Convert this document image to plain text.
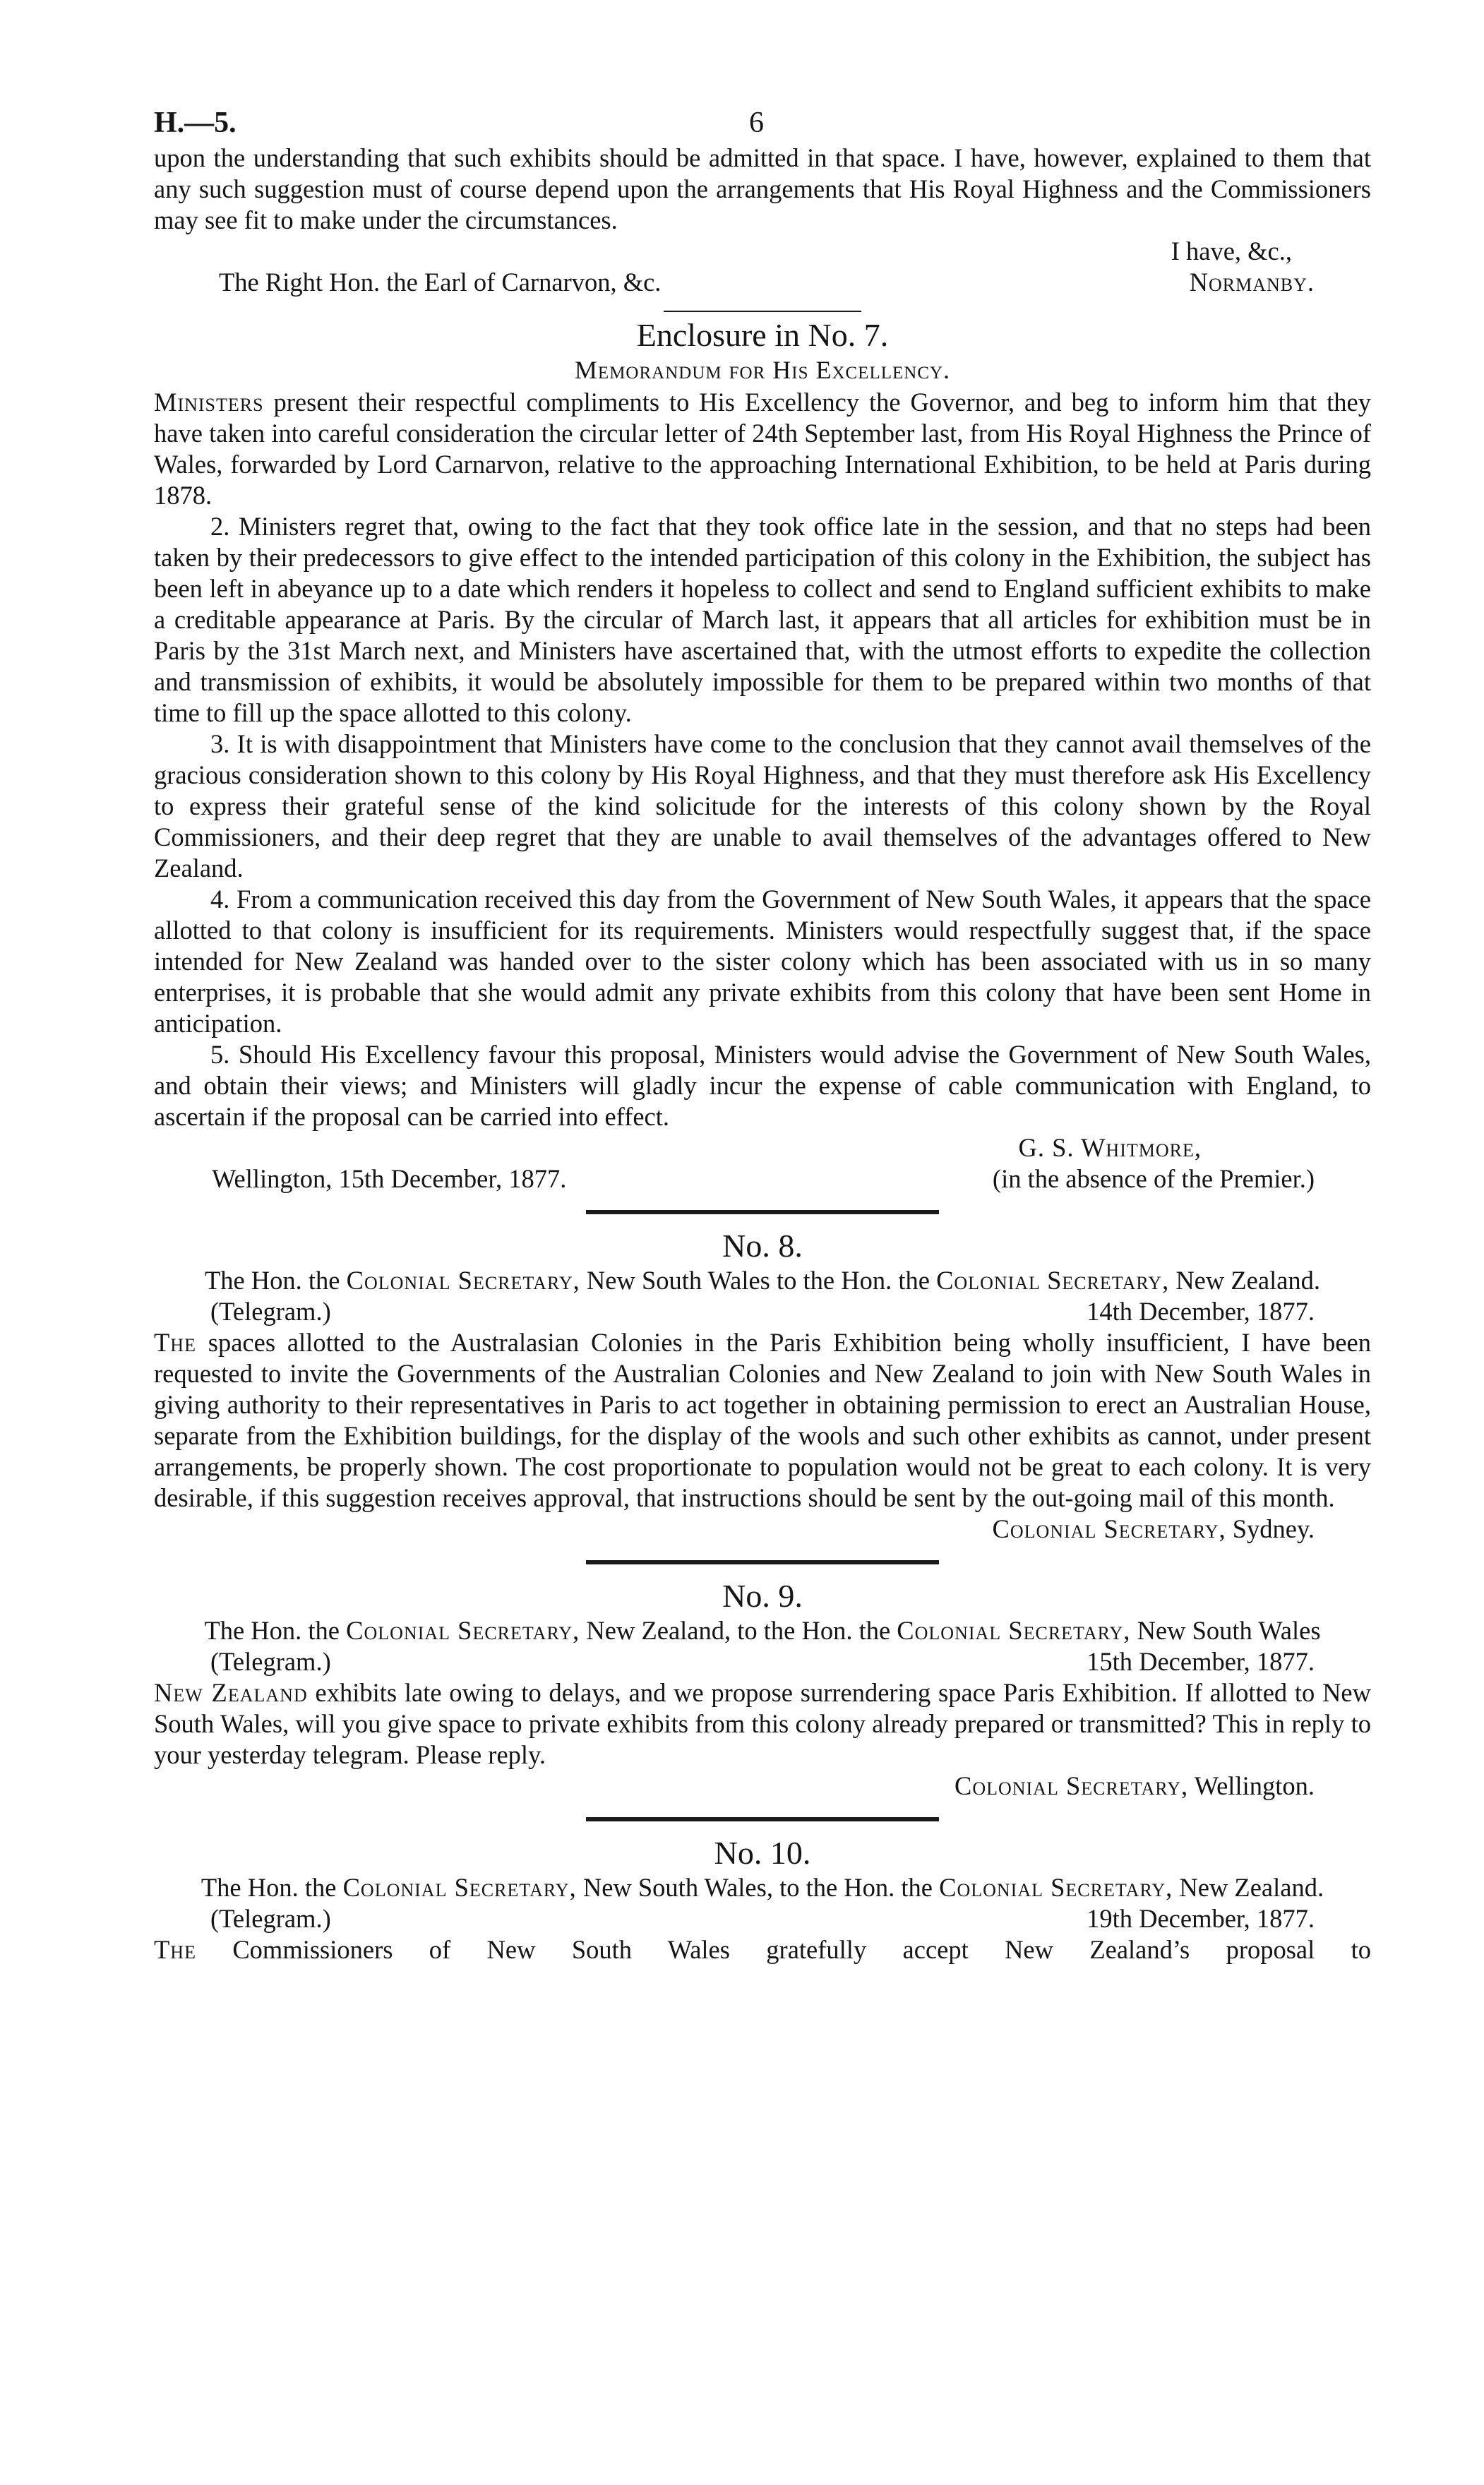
H.—5.	6

upon the understanding that such exhibits should be admitted in that space. I have, however, explained to them that any such suggestion must of course depend upon the arrangements that His Royal Highness and the Commissioners may see fit to make under the circumstances.

I have, &c.,

The Right Hon. the Earl of Carnarvon, &c.	Normanby.
Enclosure in No. 7.
Memorandum for His Excellency.

Ministers present their respectful compliments to His Excellency the Governor, and beg to inform him that they have taken into careful consideration the circular letter of 24th September last, from His Royal Highness the Prince of Wales, forwarded by Lord Carnarvon, relative to the approaching International Exhibition, to be held at Paris during 1878.

2. Ministers regret that, owing to the fact that they took office late in the session, and that no steps had been taken by their predecessors to give effect to the intended participation of this colony in the Exhibition, the subject has been left in abeyance up to a date which renders it hopeless to collect and send to England sufficient exhibits to make a creditable appearance at Paris. By the circular of March last, it appears that all articles for exhibition must be in Paris by the 31st March next, and Ministers have ascertained that, with the utmost efforts to expedite the collection and transmission of exhibits, it would be absolutely impossible for them to be prepared within two months of that time to fill up the space allotted to this colony.

3. It is with disappointment that Ministers have come to the conclusion that they cannot avail themselves of the gracious consideration shown to this colony by His Royal Highness, and that they must therefore ask His Excellency to express their grateful sense of the kind solicitude for the interests of this colony shown by the Royal Commissioners, and their deep regret that they are unable to avail themselves of the advantages offered to New Zealand.

4. From a communication received this day from the Government of New South Wales, it appears that the space allotted to that colony is insufficient for its requirements. Ministers would respectfully suggest that, if the space intended for New Zealand was handed over to the sister colony which has been associated with us in so many enterprises, it is probable that she would admit any private exhibits from this colony that have been sent Home in anticipation.

5. Should His Excellency favour this proposal, Ministers would advise the Government of New South Wales, and obtain their views; and Ministers will gladly incur the expense of cable communication with England, to ascertain if the proposal can be carried into effect.

G. S. Whitmore,

Wellington, 15th December, 1877.	(in the absence of the Premier.)
No. 8.

The Hon. the Colonial Secretary, New South Wales to the Hon. the Colonial Secretary, New Zealand.

(Telegram.)	14th December, 1877.

The spaces allotted to the Australasian Colonies in the Paris Exhibition being wholly insufficient, I have been requested to invite the Governments of the Australian Colonies and New Zealand to join with New South Wales in giving authority to their representatives in Paris to act together in obtaining permission to erect an Australian House, separate from the Exhibition buildings, for the display of the wools and such other exhibits as cannot, under present arrangements, be properly shown. The cost proportionate to population would not be great to each colony. It is very desirable, if this suggestion receives approval, that instructions should be sent by the out-going mail of this month.

Colonial Secretary, Sydney.

No. 9.

The Hon. the Colonial Secretary, New Zealand, to the Hon. the Colonial Secretary, New South Wales

(Telegram.)	15th December, 1877.

New Zealand exhibits late owing to delays, and we propose surrendering space Paris Exhibition. If allotted to New South Wales, will you give space to private exhibits from this colony already prepared or transmitted? This in reply to your yesterday telegram. Please reply.

Colonial Secretary, Wellington.

No. 10.

The Hon. the Colonial Secretary, New South Wales, to the Hon. the Colonial Secretary, New Zealand.

(Telegram.)	19th December, 1877.

The Commissioners of New South Wales gratefully accept New Zealand’s proposal to
